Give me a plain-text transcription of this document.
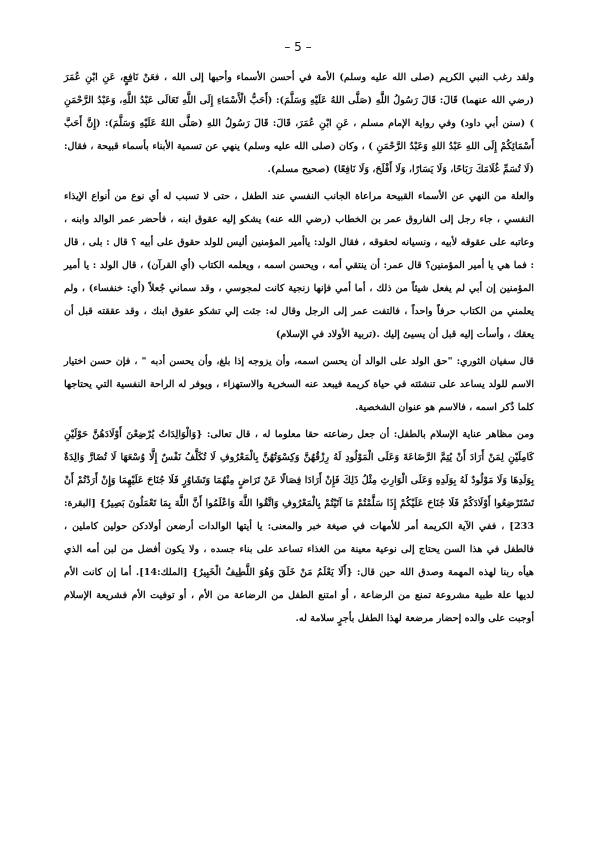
– 5 –

ولقد رغب النبي الكريم (صلى الله عليه وسلم) الأمة في أحسن الأسماء وأحبها إلى الله ، فعَنْ نَافِعٍ، عَنِ ابْنِ عُمَرَ (رضي الله عنهما) قَالَ: قَالَ رَسُولُ اللَّهِ (صَلَّى اللهُ عَلَيْهِ وَسَلَّمَ): (أَحَبُّ الْأَسْمَاءِ إِلَى اللَّهِ تَعَالَى عَبْدُ اللَّهِ، وَعَبْدُ الرَّحْمَنِ ) (سنن أبي داود) وفي رواية الإمام مسلم ، عَنِ ابْنِ عُمَرَ، قَالَ: قَالَ رَسُولُ اللهِ (صَلَّى اللهُ عَلَيْهِ وَسَلَّمَ): (إِنَّ أَحَبَّ أَسْمَائِكُمْ إِلَى اللهِ عَبْدُ اللهِ وَعَبْدُ الرَّحْمَنِ ) ، وكان (صلى الله عليه وسلم) ينهي عن تسمية الأبناء بأسماء قبيحة ، فقال: (لَا تُسَمِّ غُلَامَكَ رَبَاحًا، وَلَا يَسَارًا، وَلَا أَفْلَحَ، وَلَا نَافِعًا) (صحيح مسلم).

والعلة من النهي عن الأسماء القبيحة مراعاة الجانب النفسي عند الطفل ، حتى لا تسبب له أي نوع من أنواع الإيذاء النفسي ، جاء رجل إلى الفاروق عمر بن الخطاب (رضي الله عنه) يشكو إليه عقوق ابنه ، فأحضر عمر الوالد وابنه ، وعاتبه على عقوقه لأبيه ، ونسيانه لحقوقه ، فقال الولد: ياأمير المؤمنين أليس للولد حقوق على أبيه ؟ قال : بلى ، قال : فما هي يا أمير المؤمنين؟ قال عمر: أن ينتقي أمه ، ويحسن اسمه ، ويعلمه الكتاب (أي القرآن) ، قال الولد : يا أمير المؤمنين إن أبي لم يفعل شيئاً من ذلك ، أما أمي فإنها زنجية كانت لمجوسي ، وقد سماني جُعلاً (أي: خنفساء) ، ولم يعلمني من الكتاب حرفاً واحداً ، فالتفت عمر إلى الرجل وقال له: جئت إلي تشكو عقوق ابنك ، وقد عققته قبل أن يعقك ، وأسأت إليه قبل أن يسيئ إليك .(تربية الأولاد في الإسلام)

قال سفيان الثوري: "حق الولد على الوالد أن يحسن اسمه، وأن يزوجه إذا بلغ، وأن يحسن أدبه " ، فإن حسن اختيار الاسم للولد يساعد على تنشئته في حياة كريمة فيبعد عنه السخرية والاستهزاء ، ويوفر له الراحة النفسية التي يحتاجها كلما ذُكر اسمه ، فالاسم هو عنوان الشخصية.

ومن مظاهر عناية الإسلام بالطفل: أن جعل رضاعته حقا معلوما له ، قال تعالى: {وَالْوَالِدَاتُ يُرْضِعْنَ أَوْلَادَهُنَّ حَوْلَيْنِ كَامِلَيْنِ لِمَنْ أَرَادَ أَنْ يُتِمَّ الرَّضَاعَةَ وَعَلَى الْمَوْلُودِ لَهُ رِزْقُهُنَّ وَكِسْوَتُهُنَّ بِالْمَعْرُوفِ لَا تُكَلَّفُ نَفْسٌ إِلَّا وُسْعَهَا لَا تُضَارَّ وَالِدَةٌ بِوَلَدِهَا وَلَا مَوْلُودٌ لَهُ بِوَلَدِهِ وَعَلَى الْوَارِثِ مِثْلُ ذَلِكَ فَإِنْ أَرَادَا فِصَالًا عَنْ تَرَاضٍ مِنْهُمَا وَتَشَاوُرٍ فَلَا جُنَاحَ عَلَيْهِمَا وَإِنْ أَرَدْتُمْ أَنْ تَسْتَرْضِعُوا أَوْلَادَكُمْ فَلَا جُنَاحَ عَلَيْكُمْ إِذَا سَلَّمْتُمْ مَا آتَيْتُمْ بِالْمَعْرُوفِ وَاتَّقُوا اللَّهَ وَاعْلَمُوا أَنَّ اللَّهَ بِمَا تَعْمَلُونَ بَصِيرٌ} [البقرة: 233] ، ففي الآية الكريمة أمر للأمهات في صيغة خبر والمعنى: يا أيتها الوالدات أرضعن أولادكن حولين كاملين ، فالطفل في هذا السن يحتاج إلى نوعية معينة من الغذاء تساعد على بناء جسده ، ولا يكون أفضل من لبن أمه الذي هيأه ربنا لهذه المهمة وصدق الله حين قال: {أَلَا يَعْلَمُ مَنْ خَلَقَ وَهُوَ اللَّطِيفُ الْخَبِيرُ} [الملك:14]. أما إن كانت الأم لديها علة طبية مشروعة تمنع من الرضاعة ، أو امتنع الطفل من الرضاعة من الأم ، أو توفيت الأم فشريعة الإسلام أوجبت على والده إحضار مرضعة لهذا الطفل بأجرٍ سلامة له.
